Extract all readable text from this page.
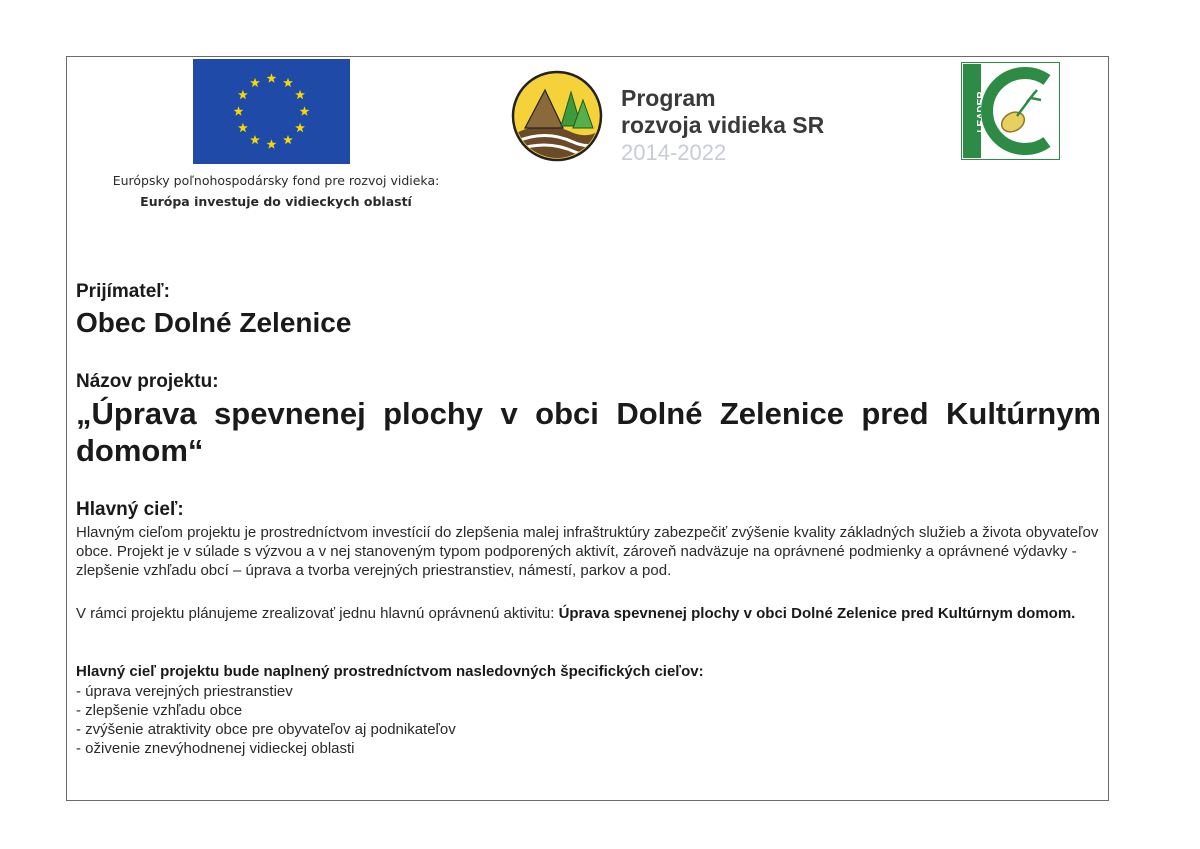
Európsky poľnohospodársky fond pre rozvoj vidieka:
Európa investuje do vidieckych oblastí
Program
rozvoja vidieka SR
2014-2022
LEADER
Prijímateľ:
Obec Dolné Zelenice
Názov projektu:
„Úprava spevnenej plochy v obci Dolné Zelenice pred Kultúrnym domom“
Hlavný cieľ:
Hlavným cieľom projektu je prostredníctvom investícií do zlepšenia malej infraštruktúry zabezpečiť zvýšenie kvality základných služieb a života obyvateľov obce. Projekt je v súlade s výzvou a v nej stanoveným typom podporených aktivít, zároveň nadväzuje na oprávnené podmienky a oprávnené výdavky - zlepšenie vzhľadu obcí – úprava a tvorba verejných priestranstiev, námestí, parkov a pod.
V rámci projektu plánujeme zrealizovať jednu hlavnú oprávnenú aktivitu: Úprava spevnenej plochy v obci Dolné Zelenice pred Kultúrnym domom.
Hlavný cieľ projektu bude naplnený prostredníctvom nasledovných špecifických cieľov:
- úprava verejných priestranstiev
- zlepšenie vzhľadu obce
- zvýšenie atraktivity obce pre obyvateľov aj podnikateľov
- oživenie znevýhodnenej vidieckej oblasti
